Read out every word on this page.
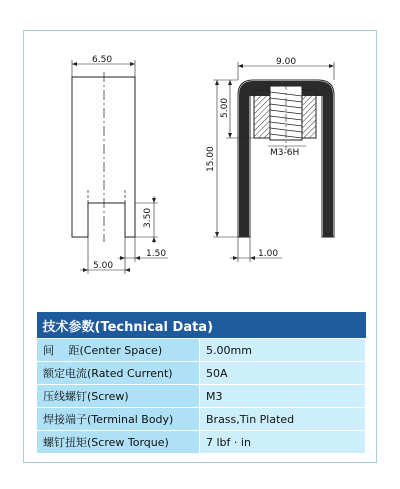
6.50
3.50
5.00
1.50
9.00
5.00
15.00	M3-6H
1.00
技术参数(Technical Data)	
间　 距(Center Space)	5.00mm
额定电流(Rated Current)	50A
压线螺钉(Screw)	M3
焊接端子(Terminal Body)	Brass,Tin Plated
螺钉扭矩(Screw Torque)	7 lbf · in
